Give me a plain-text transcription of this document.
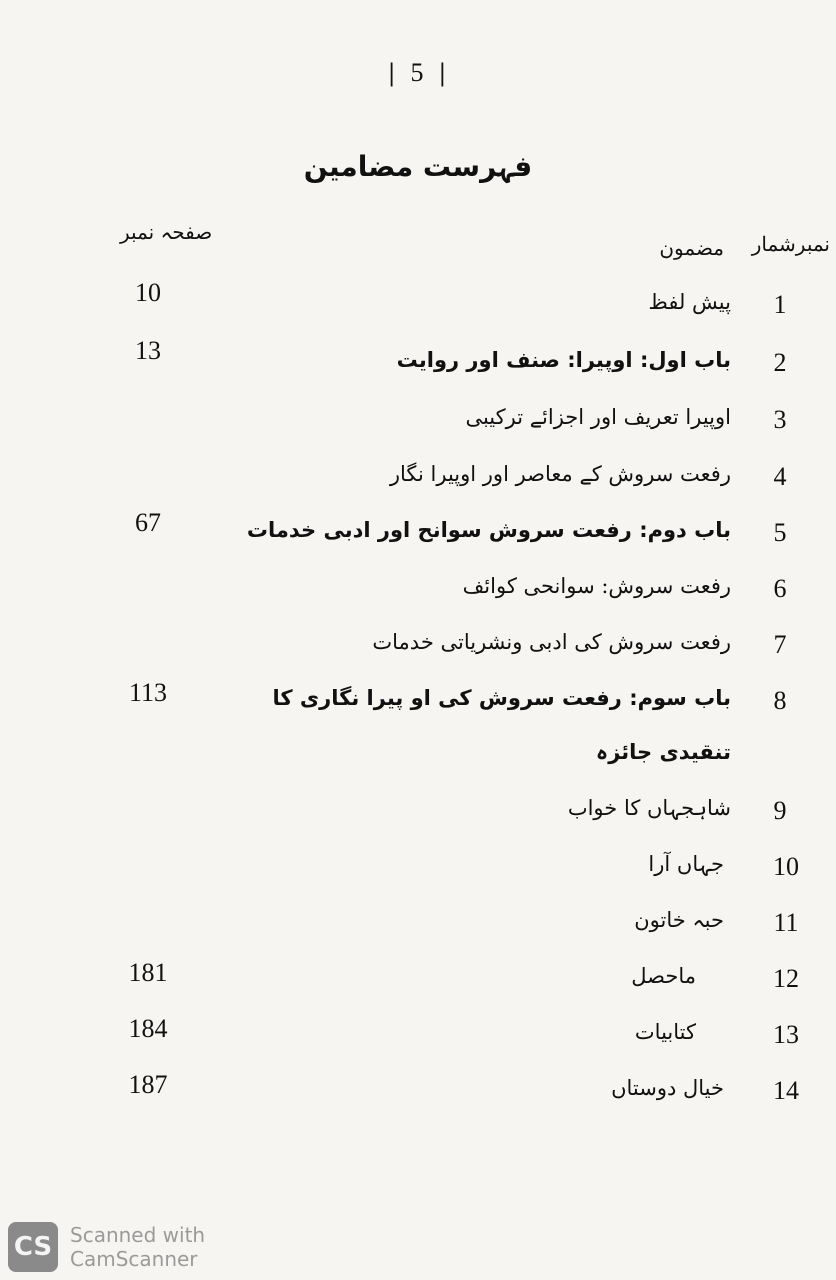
| 5 |
فہرست مضامین
نمبرشمار
مضمون
صفحہ نمبر
1
پیش لفظ
10
2
باب اول: اوپیرا: صنف اور روایت
13
3
اوپیرا تعریف اور اجزائے ترکیبی
4
رفعت سروش کے معاصر اور اوپیرا نگار
5
باب دوم: رفعت سروش سوانح اور ادبی خدمات
67
6
رفعت سروش: سوانحی کوائف
7
رفعت سروش کی ادبی ونشریاتی خدمات
8
باب سوم: رفعت سروش کی او پیرا نگاری کا
113
تنقیدی جائزہ
9
شاہجہاں کا خواب
10
جہاں آرا
11
حبہ خاتون
12
ماحصل
181
13
کتابیات
184
14
خیال دوستاں
187
CS Scanned with
CamScanner
